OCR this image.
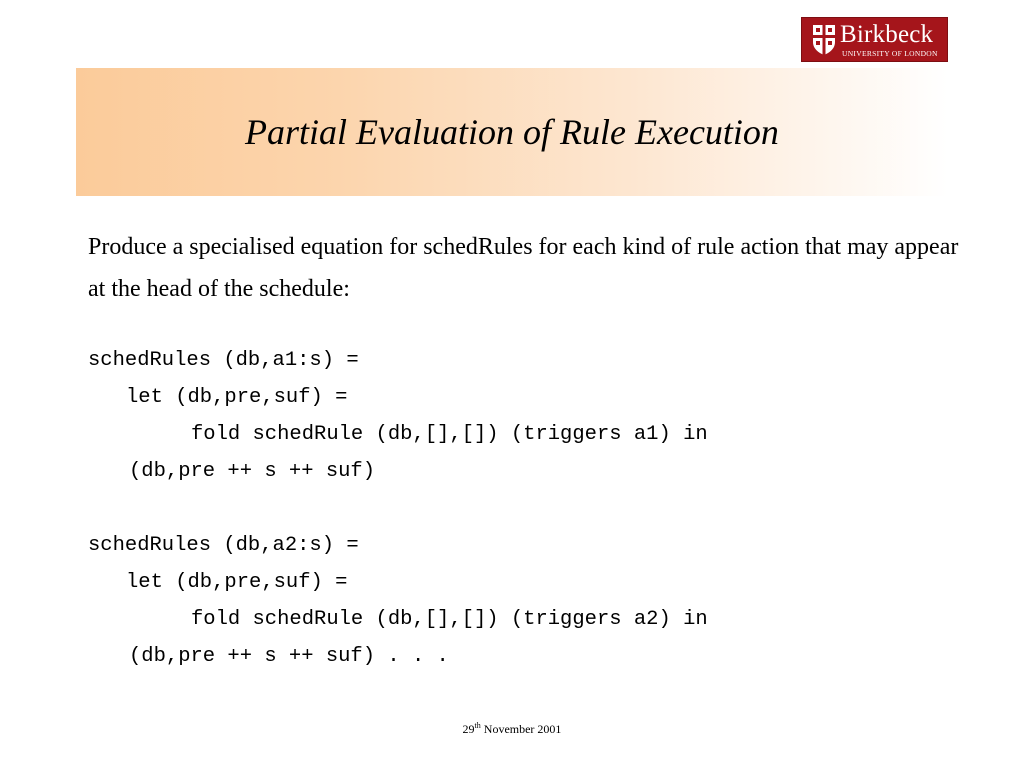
Birkbeck
UNIVERSITY OF LONDON
Partial Evaluation of Rule Execution

Produce a specialised equation for schedRules for each kind of rule action that may appear at the head of the schedule:

schedRules (db,a1:s) =
let (db,pre,suf) =
fold schedRule (db,[],[]) (triggers a1) in
(db,pre ++ s ++ suf)
schedRules (db,a2:s) =
let (db,pre,suf) =
fold schedRule (db,[],[]) (triggers a2) in
(db,pre ++ s ++ suf) . . .
29th November 2001
